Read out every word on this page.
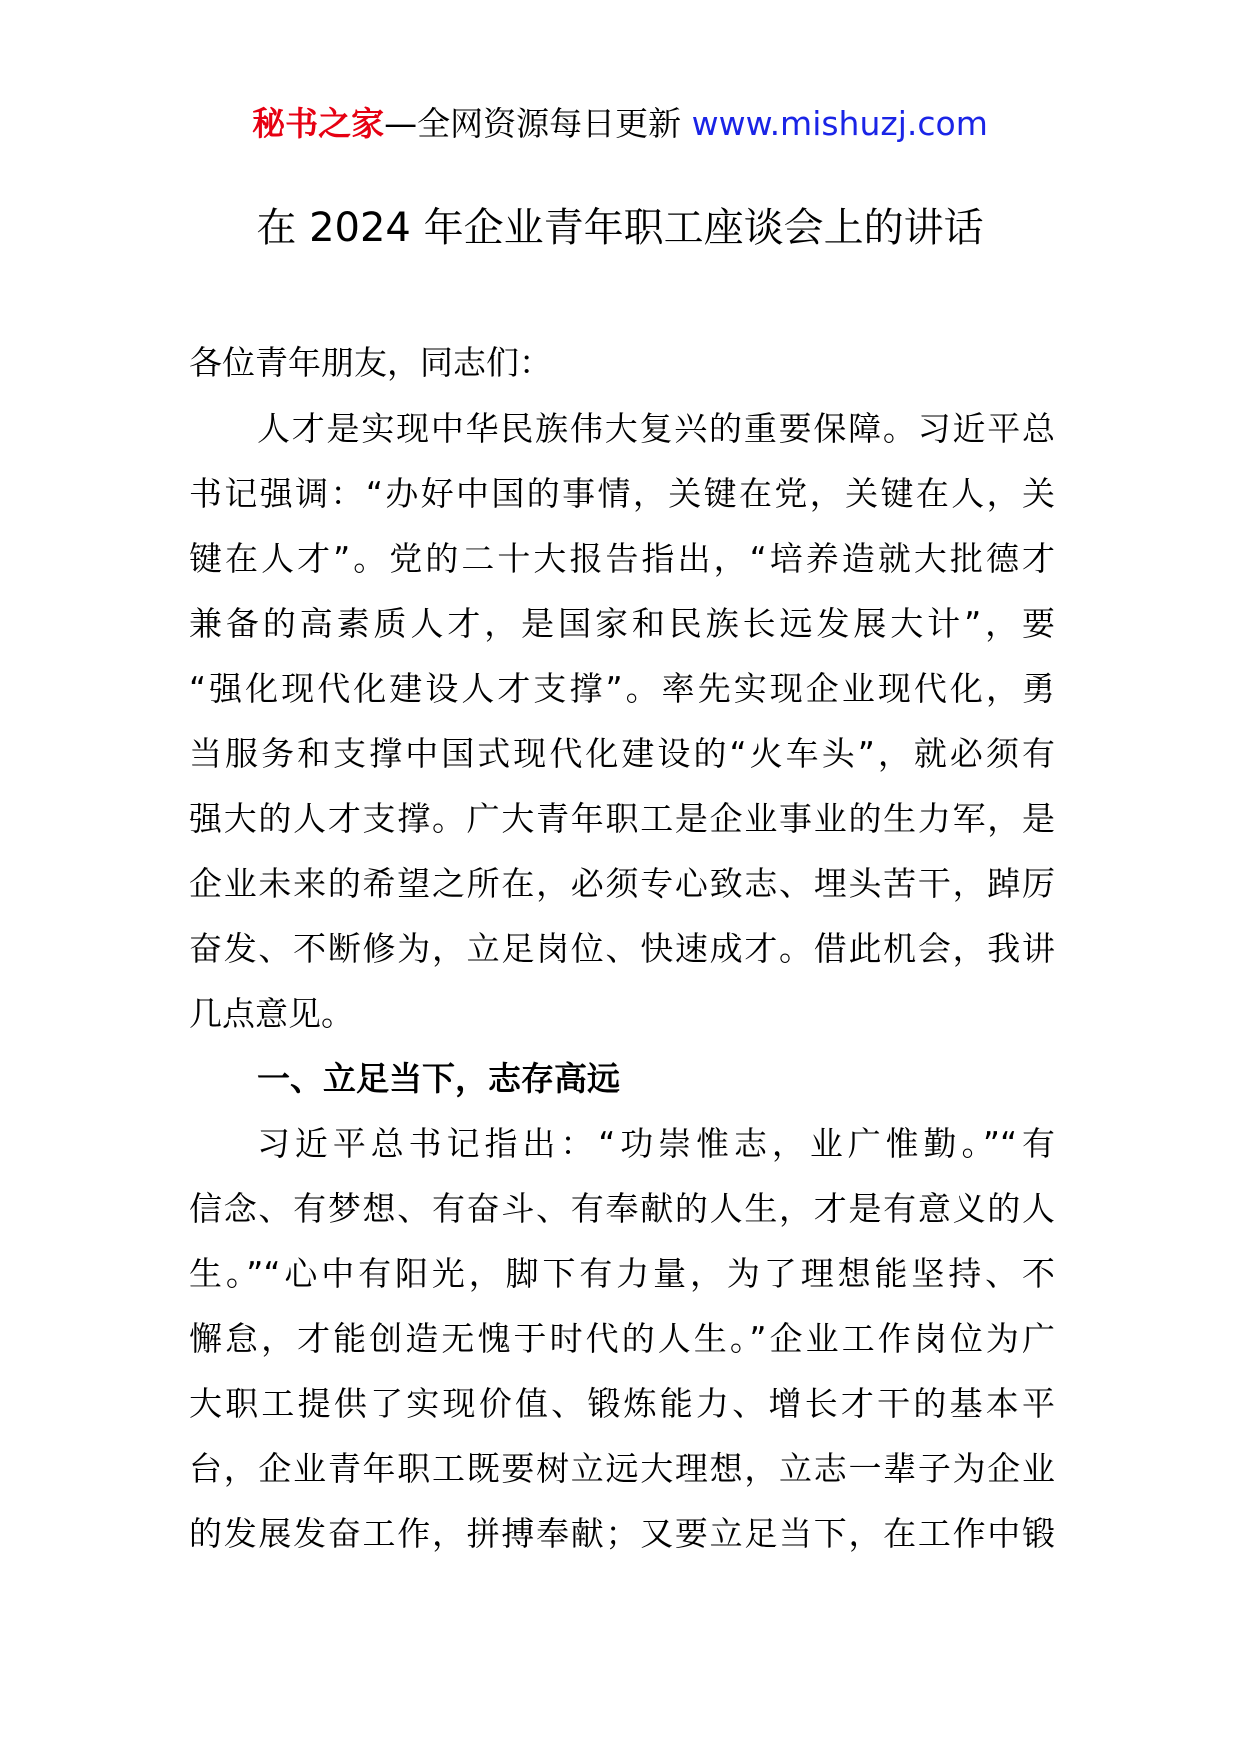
秘书之家—全网资源每日更新 www.mishuzj.com
在 2024 年企业青年职工座谈会上的讲话
各位青年朋友，同志们：
人才是实现中华民族伟大复兴的重要保障。习近平总
书记强调：“办好中国的事情，关键在党，关键在人，关
键在人才”。党的二十大报告指出，“培养造就大批德才
兼备的高素质人才，是国家和民族长远发展大计”，要
“强化现代化建设人才支撑”。率先实现企业现代化，勇
当服务和支撑中国式现代化建设的“火车头”，就必须有
强大的人才支撑。广大青年职工是企业事业的生力军，是
企业未来的希望之所在，必须专心致志、埋头苦干，踔厉
奋发、不断修为，立足岗位、快速成才。借此机会，我讲
几点意见。
一、立足当下，志存高远
习近平总书记指出：“功崇惟志，业广惟勤。”“有
信念、有梦想、有奋斗、有奉献的人生，才是有意义的人
生。”“心中有阳光，脚下有力量，为了理想能坚持、不
懈怠，才能创造无愧于时代的人生。”企业工作岗位为广
大职工提供了实现价值、锻炼能力、增长才干的基本平
台，企业青年职工既要树立远大理想，立志一辈子为企业
的发展发奋工作，拼搏奉献；又要立足当下，在工作中锻
